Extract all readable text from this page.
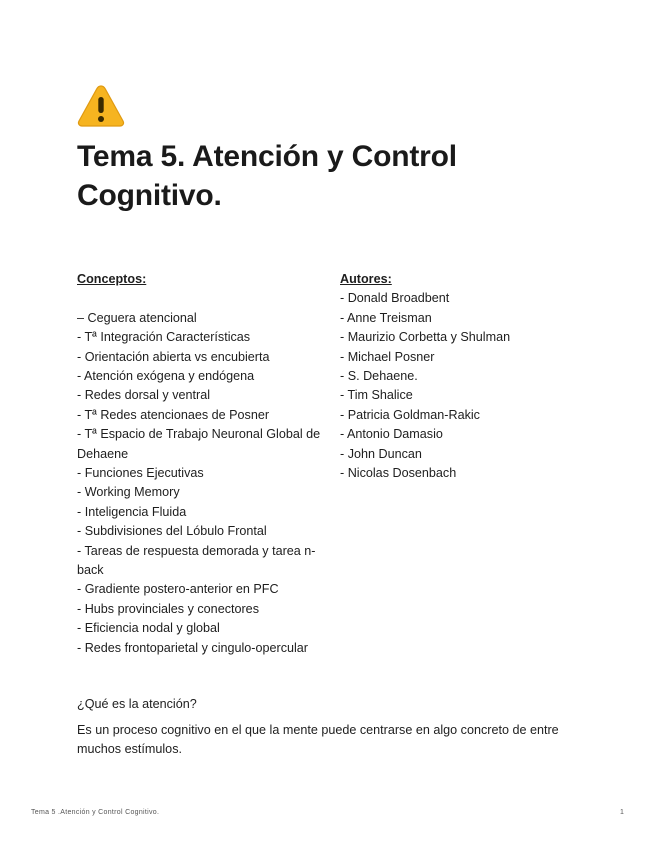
Tema 5. Atención y Control Cognitivo.
Conceptos:
– Ceguera atencional
- Tª Integración Características
- Orientación abierta vs encubierta
- Atención exógena y endógena
- Redes dorsal y ventral
- Tª Redes atencionaes de Posner
- Tª Espacio de Trabajo Neuronal Global de Dehaene
- Funciones Ejecutivas
- Working Memory
- Inteligencia Fluida
- Subdivisiones del Lóbulo Frontal
- Tareas de respuesta demorada y tarea n-back
- Gradiente postero-anterior en PFC
- Hubs provinciales y conectores
- Eficiencia nodal y global
- Redes frontoparietal y cingulo-opercular
Autores:
- Donald Broadbent
- Anne Treisman
- Maurizio Corbetta y Shulman
- Michael Posner
- S. Dehaene.
- Tim Shalice
- Patricia Goldman-Rakic
- Antonio Damasio
- John Duncan
- Nicolas Dosenbach

¿Qué es la atención?

Es un proceso cognitivo en el que la mente puede centrarse en algo concreto de entre muchos estímulos.

Tema 5 .Atención y Control Cognitivo.	1
